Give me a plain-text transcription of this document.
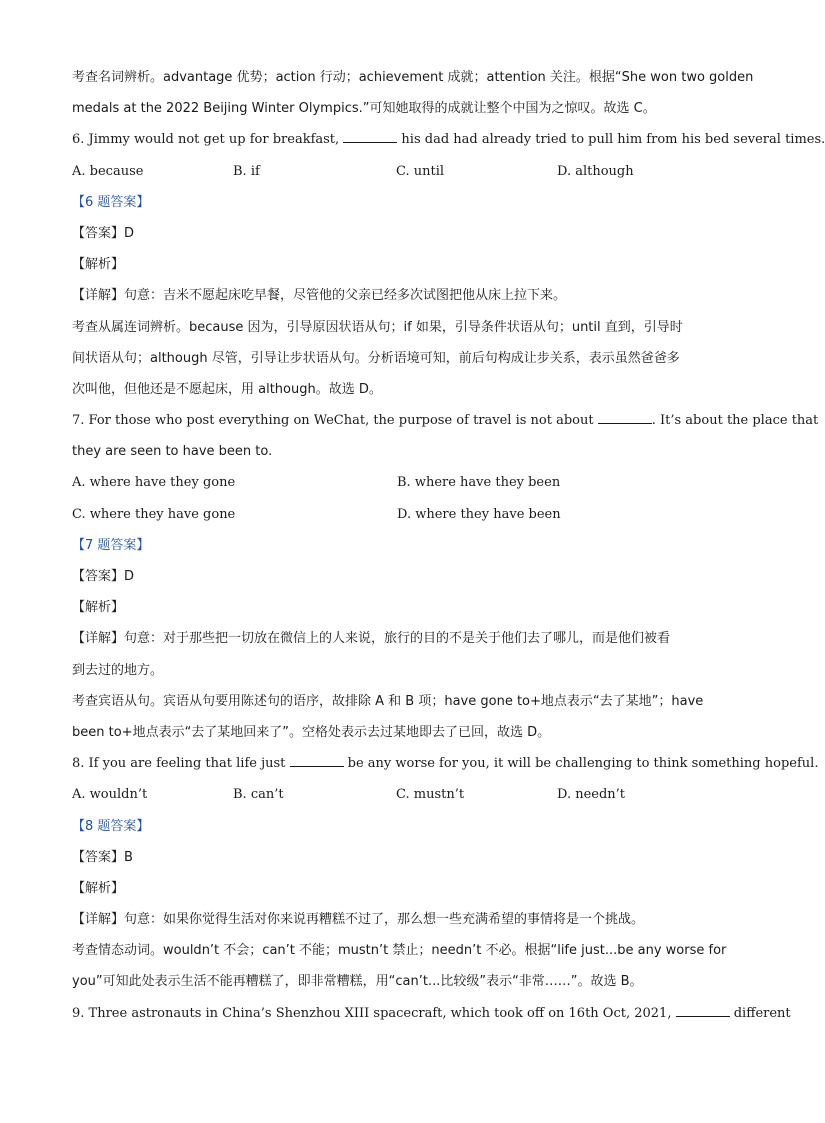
考查名词辨析。advantage 优势；action 行动；achievement 成就；attention 关注。根据“She won two golden
medals at the 2022 Beijing Winter Olympics.”可知她取得的成就让整个中国为之惊叹。故选 C。
6. Jimmy would not get up for breakfast,	his dad had already tried to pull him from his bed several times.
A. because	B. if	C. until	D. although
【6 题答案】
【答案】D
【解析】
【详解】句意：吉米不愿起床吃早餐，尽管他的父亲已经多次试图把他从床上拉下来。
考查从属连词辨析。because 因为，引导原因状语从句；if 如果，引导条件状语从句；until 直到，引导时
间状语从句；although 尽管，引导让步状语从句。分析语境可知，前后句构成让步关系，表示虽然爸爸多
次叫他，但他还是不愿起床，用 although。故选 D。
7. For those who post everything on WeChat, the purpose of travel is not about	. It’s about the place that
they are seen to have been to.
A. where have they gone	B. where have they been
C. where they have gone	D. where they have been
【7 题答案】
【答案】D
【解析】
【详解】句意：对于那些把一切放在微信上的人来说，旅行的目的不是关于他们去了哪儿，而是他们被看
到去过的地方。
考查宾语从句。宾语从句要用陈述句的语序，故排除 A 和 B 项；have gone to+地点表示“去了某地”；have
been to+地点表示“去了某地回来了”。空格处表示去过某地即去了已回，故选 D。
8. If you are feeling that life just	be any worse for you, it will be challenging to think something hopeful.
A. wouldn’t	B. can’t	C. mustn’t	D. needn’t
【8 题答案】
【答案】B
【解析】
【详解】句意：如果你觉得生活对你来说再糟糕不过了，那么想一些充满希望的事情将是一个挑战。
考查情态动词。wouldn’t 不会；can’t 不能；mustn’t 禁止；needn’t 不必。根据“life just...be any worse for
you”可知此处表示生活不能再糟糕了，即非常糟糕，用“can’t...比较级”表示“非常……”。故选 B。
9. Three astronauts in China’s Shenzhou XIII spacecraft, which took off on 16th Oct, 2021,	different
